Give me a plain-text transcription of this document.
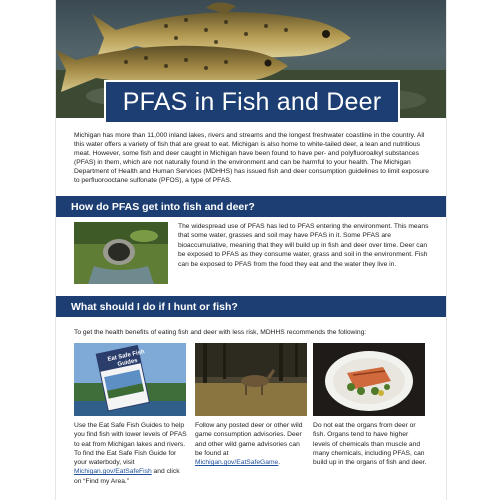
PFAS in Fish and Deer

Michigan has more than 11,000 inland lakes, rivers and streams and the longest freshwater coastline in the country. All this water offers a variety of fish that are great to eat. Michigan is also home to white-tailed deer, a lean and nutritious meat. However, some fish and deer caught in Michigan have been found to have per- and polyfluoroalkyl substances (PFAS) in them, which are not naturally found in the environment and can be harmful to your health. The Michigan Department of Health and Human Services (MDHHS) has issued fish and deer consumption guidelines to limit exposure to perfluorooctane sulfonate (PFOS), a type of PFAS.

How do PFAS get into fish and deer?

The widespread use of PFAS has led to PFAS entering the environment. This means that some water, grasses and soil may have PFAS in it. Some PFAS are bioaccumulative, meaning that they will build up in fish and deer over time. Deer can be exposed to PFAS as they consume water, grass and soil in the environment. Fish can be exposed to PFAS from the food they eat and the water they live in.

What should I do if I hunt or fish?

To get the health benefits of eating fish and deer with less risk, MDHHS recommends the following:

Eat Safe Fish Guides

Use the Eat Safe Fish Guides to help you find fish with lower levels of PFAS to eat from Michigan lakes and rivers. To find the Eat Safe Fish Guide for your waterbody, visit Michigan.gov/EatSafeFish and click on “Find my Area.”

Follow any posted deer or other wild game consumption advisories. Deer and other wild game advisories can be found at Michigan.gov/EatSafeGame.

Do not eat the organs from deer or fish. Organs tend to have higher levels of chemicals than muscle and many chemicals, including PFAS, can build up in the organs of fish and deer.
